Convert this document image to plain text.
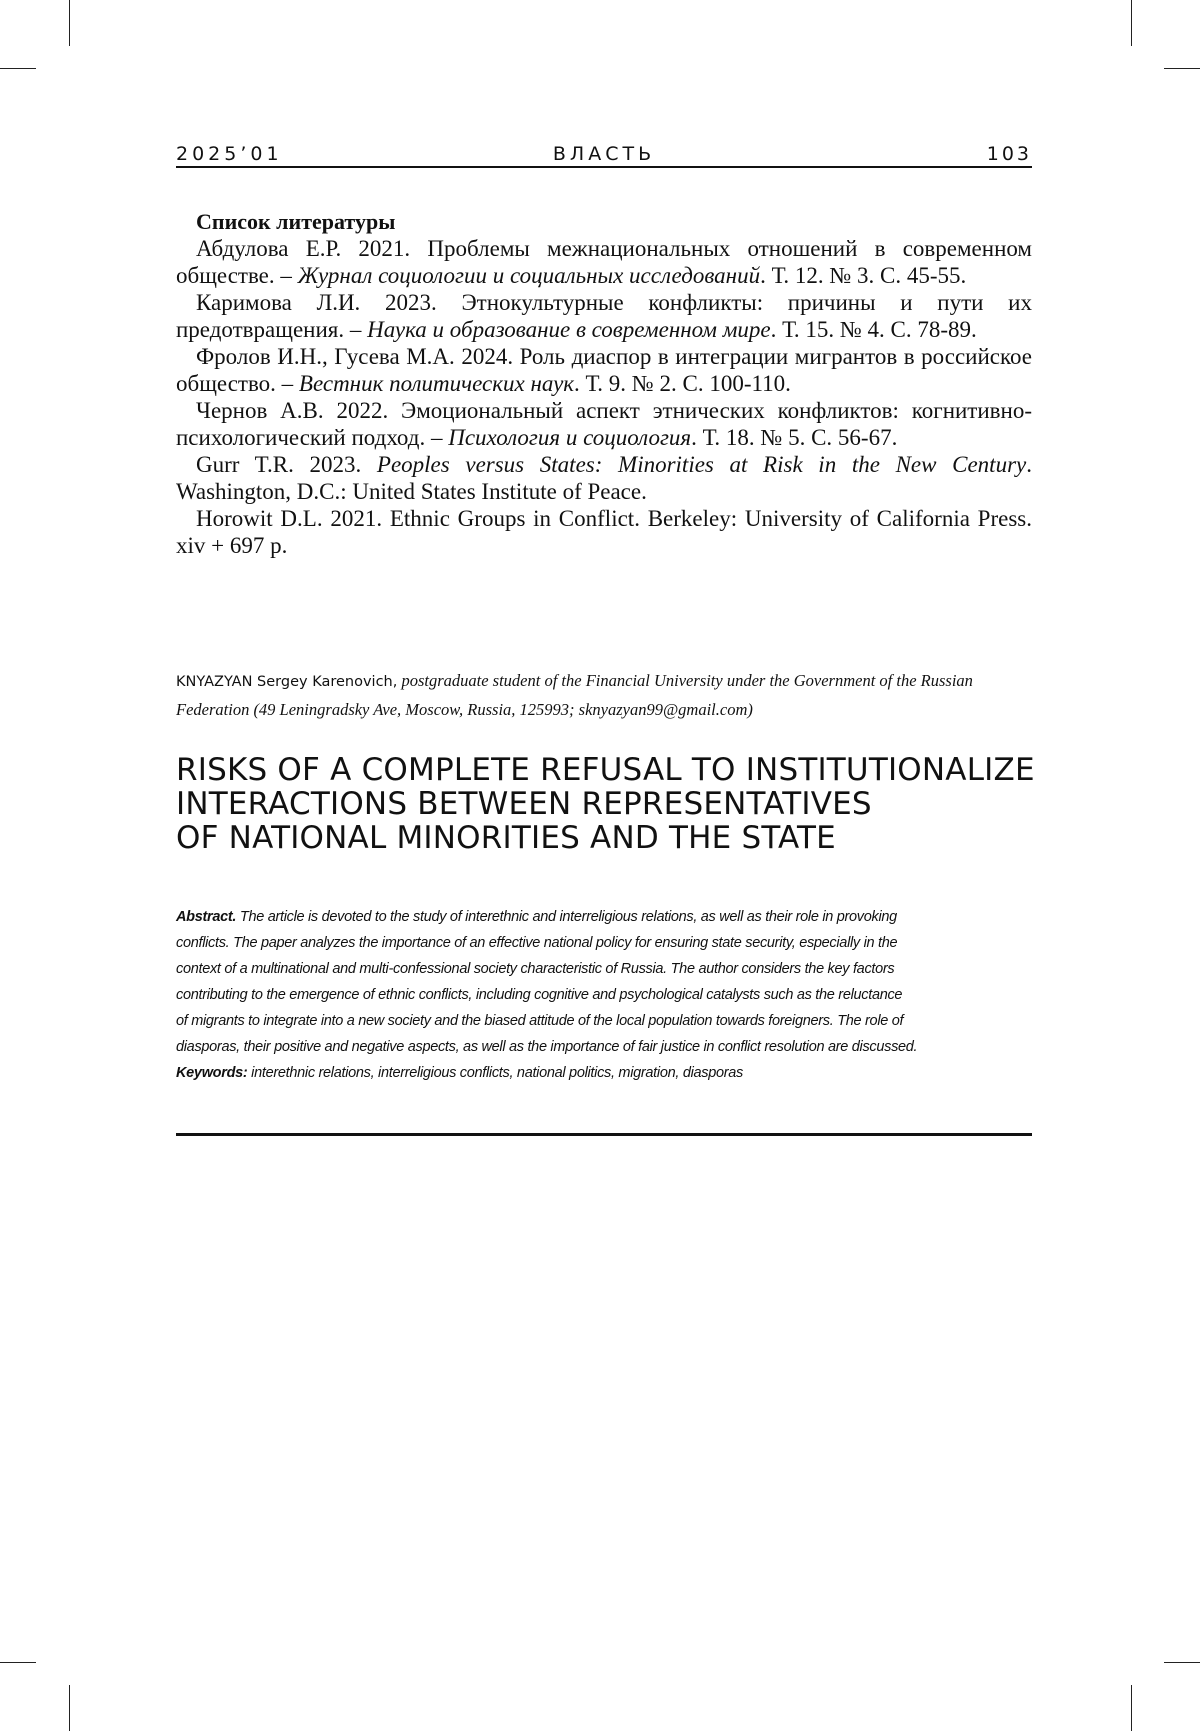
2025’01	ВЛАСТЬ	103
Список литературы

Абдулова Е.Р. 2021. Проблемы межнациональных отношений в современном обществе. – Журнал социологии и социальных исследований. Т. 12. № 3. С. 45-55.

Каримова Л.И. 2023. Этнокультурные конфликты: причины и пути их предотвращения. – Наука и образование в современном мире. Т. 15. № 4. С. 78-89.

Фролов И.Н., Гусева М.А. 2024. Роль диаспор в интеграции мигрантов в российское общество. – Вестник политических наук. Т. 9. № 2. С. 100-110.

Чернов А.В. 2022. Эмоциональный аспект этнических конфликтов: когнитивно-психологический подход. – Психология и социология. Т. 18. № 5. С. 56-67.

Gurr T.R. 2023. Peoples versus States: Minorities at Risk in the New Century. Washington, D.C.: United States Institute of Peace.

Horowit D.L. 2021. Ethnic Groups in Conflict. Berkeley: University of California Press. xiv + 697 p.

KNYAZYAN Sergey Karenovich, postgraduate student of the Financial University under the Government of the Russian Federation (49 Leningradsky Ave, Moscow, Russia, 125993; sknyazyan99@gmail.com)
RISKS OF A COMPLETE REFUSAL TO INSTITUTIONALIZE
INTERACTIONS BETWEEN REPRESENTATIVES
OF NATIONAL MINORITIES AND THE STATE
Abstract. The article is devoted to the study of interethnic and interreligious relations, as well as their role in provoking
conflicts. The paper analyzes the importance of an effective national policy for ensuring state security, especially in the
context of a multinational and multi-confessional society characteristic of Russia. The author considers the key factors
contributing to the emergence of ethnic conflicts, including cognitive and psychological catalysts such as the reluctance
of migrants to integrate into a new society and the biased attitude of the local population towards foreigners. The role of
diasporas, their positive and negative aspects, as well as the importance of fair justice in conflict resolution are discussed.
Keywords: interethnic relations, interreligious conflicts, national politics, migration, diasporas
